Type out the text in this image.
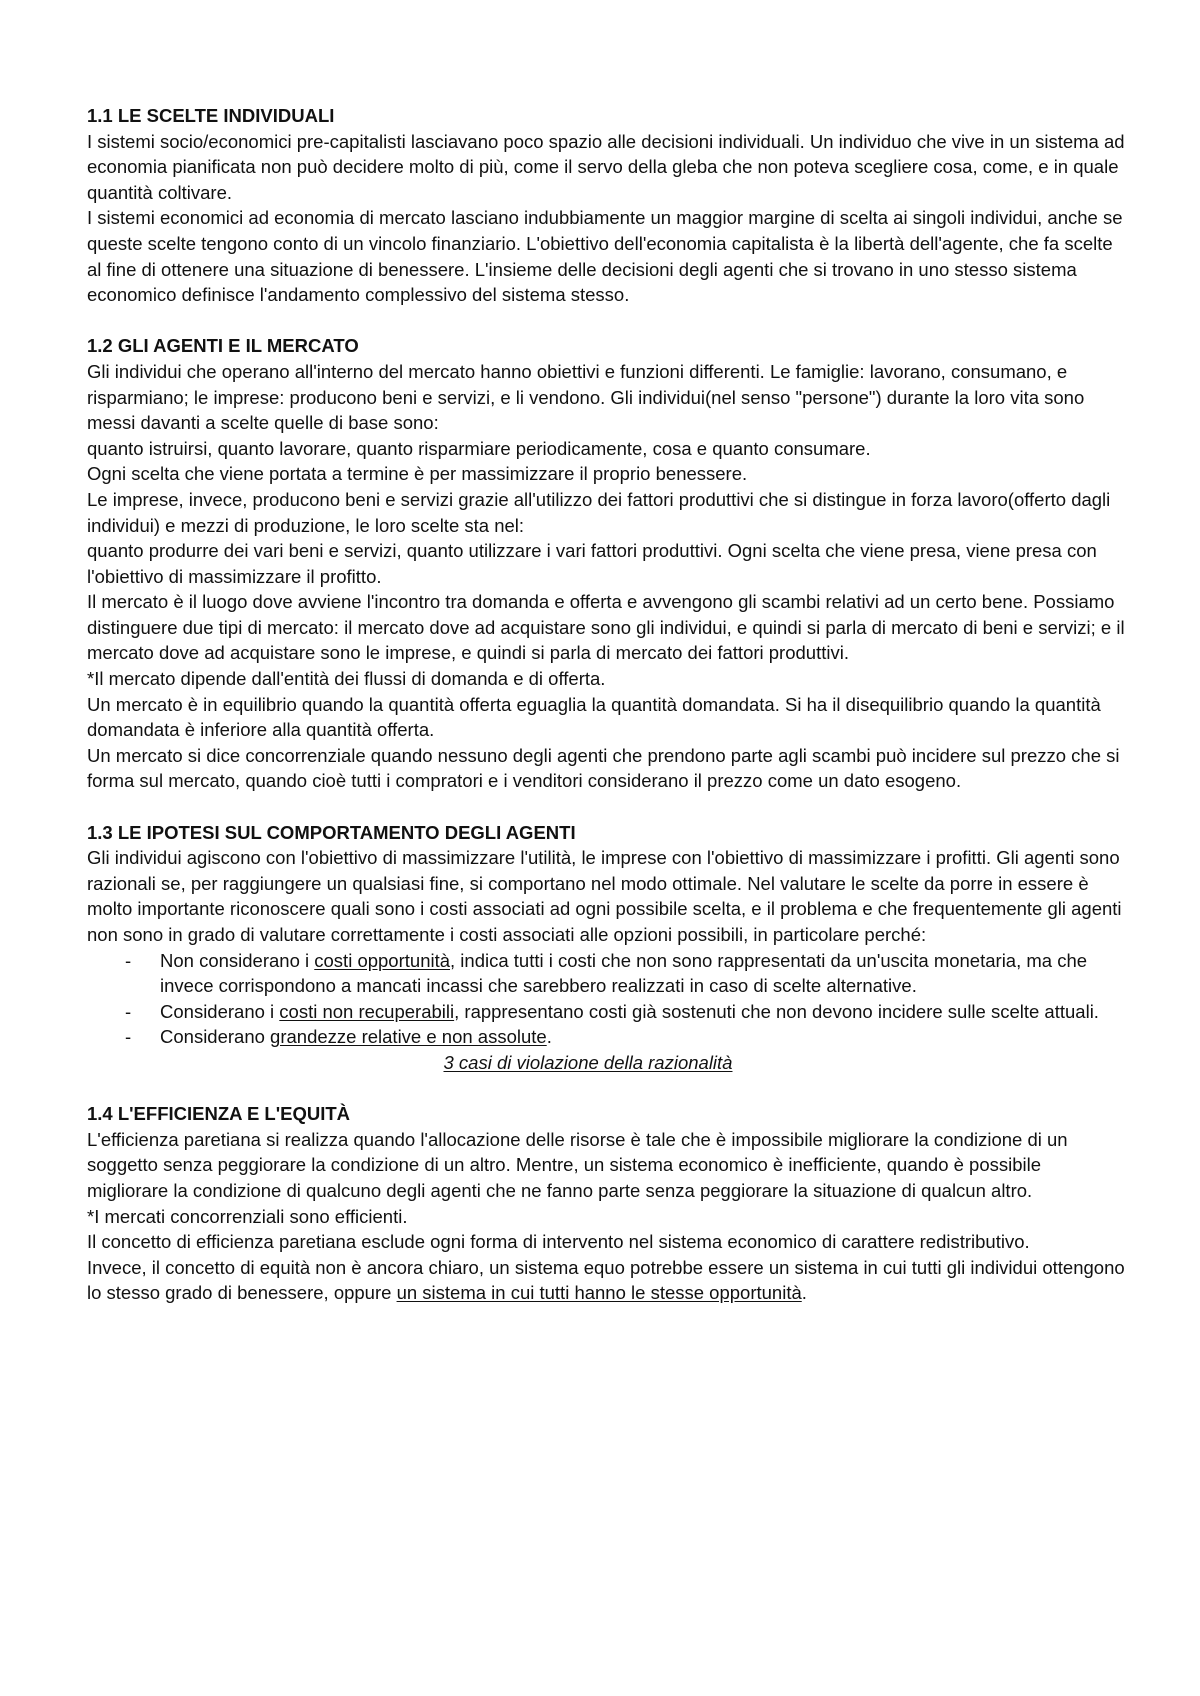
1.1 LE SCELTE INDIVIDUALI
I sistemi socio/economici pre-capitalisti lasciavano poco spazio alle decisioni individuali. Un individuo che vive in un sistema ad economia pianificata non può decidere molto di più, come il servo della gleba che non poteva scegliere cosa, come, e in quale quantità coltivare.
I sistemi economici ad economia di mercato lasciano indubbiamente un maggior margine di scelta ai singoli individui, anche se queste scelte tengono conto di un vincolo finanziario. L'obiettivo dell'economia capitalista è la libertà dell'agente, che fa scelte al fine di ottenere una situazione di benessere. L'insieme delle decisioni degli agenti che si trovano in uno stesso sistema economico definisce l'andamento complessivo del sistema stesso.
1.2 GLI AGENTI E IL MERCATO
Gli individui che operano all'interno del mercato hanno obiettivi e funzioni differenti. Le famiglie: lavorano, consumano, e risparmiano; le imprese: producono beni e servizi, e li vendono. Gli individui(nel senso "persone") durante la loro vita sono messi davanti a scelte quelle di base sono:
quanto istruirsi, quanto lavorare, quanto risparmiare periodicamente, cosa e quanto consumare.
Ogni scelta che viene portata a termine è per massimizzare il proprio benessere.
Le imprese, invece, producono beni e servizi grazie all'utilizzo dei fattori produttivi che si distingue in forza lavoro(offerto dagli individui) e mezzi di produzione, le loro scelte sta nel:
quanto produrre dei vari beni e servizi, quanto utilizzare i vari fattori produttivi. Ogni scelta che viene presa, viene presa con l'obiettivo di massimizzare il profitto.
Il mercato è il luogo dove avviene l'incontro tra domanda e offerta e avvengono gli scambi relativi ad un certo bene. Possiamo distinguere due tipi di mercato: il mercato dove ad acquistare sono gli individui, e quindi si parla di mercato di beni e servizi; e il mercato dove ad acquistare sono le imprese, e quindi si parla di mercato dei fattori produttivi.
*Il mercato dipende dall'entità dei flussi di domanda e di offerta.
Un mercato è in equilibrio quando la quantità offerta eguaglia la quantità domandata. Si ha il disequilibrio quando la quantità domandata è inferiore alla quantità offerta.
Un mercato si dice concorrenziale quando nessuno degli agenti che prendono parte agli scambi può incidere sul prezzo che si forma sul mercato, quando cioè tutti i compratori e i venditori considerano il prezzo come un dato esogeno.
1.3 LE IPOTESI SUL COMPORTAMENTO DEGLI AGENTI
Gli individui agiscono con l'obiettivo di massimizzare l'utilità, le imprese con l'obiettivo di massimizzare i profitti. Gli agenti sono razionali se, per raggiungere un qualsiasi fine, si comportano nel modo ottimale. Nel valutare le scelte da porre in essere è molto importante riconoscere quali sono i costi associati ad ogni possibile scelta, e il problema e che frequentemente gli agenti non sono in grado di valutare correttamente i costi associati alle opzioni possibili, in particolare perché:
- Non considerano i costi opportunità, indica tutti i costi che non sono rappresentati da un'uscita monetaria, ma che invece corrispondono a mancati incassi che sarebbero realizzati in caso di scelte alternative.
- Considerano i costi non recuperabili, rappresentano costi già sostenuti che non devono incidere sulle scelte attuali.
- Considerano grandezze relative e non assolute.
3 casi di violazione della razionalità
1.4 L'EFFICIENZA E L'EQUITÀ
L'efficienza paretiana si realizza quando l'allocazione delle risorse è tale che è impossibile migliorare la condizione di un soggetto senza peggiorare la condizione di un altro. Mentre, un sistema economico è inefficiente, quando è possibile migliorare la condizione di qualcuno degli agenti che ne fanno parte senza peggiorare la situazione di qualcun altro.
*I mercati concorrenziali sono efficienti.
Il concetto di efficienza paretiana esclude ogni forma di intervento nel sistema economico di carattere redistributivo.
Invece, il concetto di equità non è ancora chiaro, un sistema equo potrebbe essere un sistema in cui tutti gli individui ottengono lo stesso grado di benessere, oppure un sistema in cui tutti hanno le stesse opportunità.
